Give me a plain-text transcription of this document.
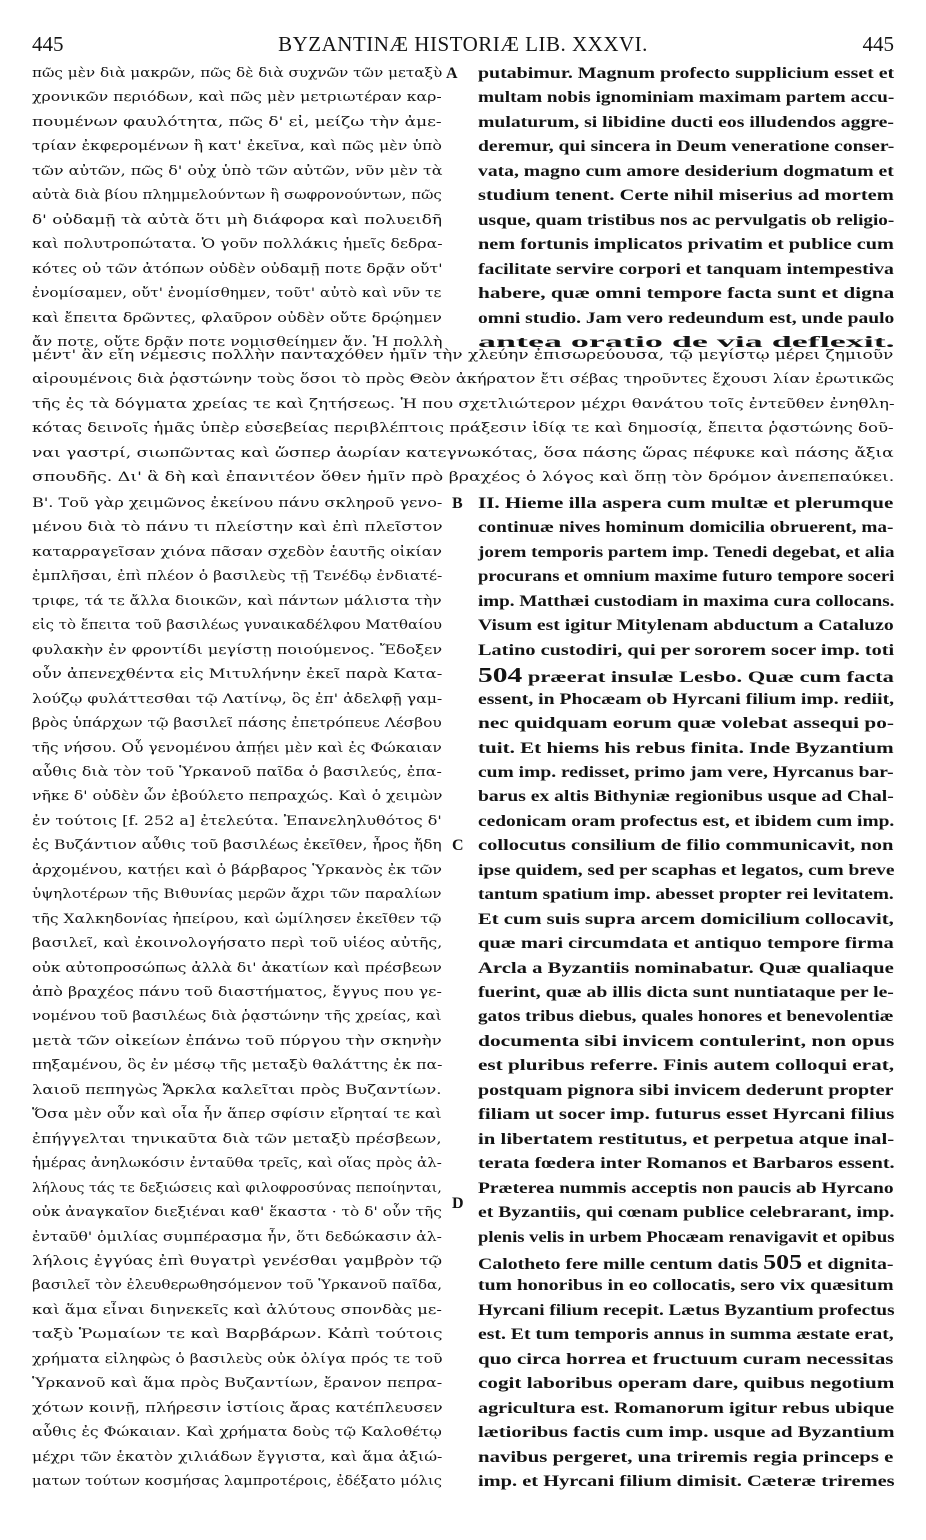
445	BYZANTINÆ HISTORIÆ LIB. XXXVI.	445
πῶς μὲν διὰ μακρῶν, πῶς δὲ διὰ συχνῶν τῶν μεταξὺ
χρονικῶν περιόδων, καὶ πῶς μὲν μετριωτέραν καρ-
πουμένων φαυλότητα, πῶς δ' εἰ, μείζω τὴν ἀμε-
τρίαν ἐκφερομένων ἢ κατ' ἐκεῖνα, καὶ πῶς μὲν ὑπὸ
τῶν αὐτῶν, πῶς δ' οὐχ ὑπὸ τῶν αὐτῶν, νῦν μὲν τὰ
αὐτὰ διὰ βίου πλημμελούντων ἢ σωφρονούντων, πῶς
δ' οὐδαμῇ τὰ αὐτὰ ὅτι μὴ διάφορα καὶ πολυειδῆ
καὶ πολυτροπώτατα. Ὁ γοῦν πολλάκις ἡμεῖς δεδρα-
κότες οὐ τῶν ἀτόπων οὐδὲν οὐδαμῇ ποτε δρᾷν οὔτ'
ἐνομίσαμεν, οὔτ' ἐνομίσθημεν, τοῦτ' αὐτὸ καὶ νῦν τε
καὶ ἔπειτα δρῶντες, φλαῦρον οὐδὲν οὔτε δρῴημεν
ἄν ποτε, οὔτε δρᾷν ποτε νομισθείημεν ἄν. Ἡ πολλὴ
putabimur. Magnum profecto supplicium esset et
multam nobis ignominiam maximam partem accu-
mulaturum, si libidine ducti eos illudendos aggre-
deremur, qui sincera in Deum veneratione conser-
vata, magno cum amore desiderium dogmatum et
studium tenent. Certe nihil miserius ad mortem
usque, quam tristibus nos ac pervulgatis ob religio-
nem fortunis implicatos privatim et publice cum
facilitate servire corpori et tanquam intempestiva
habere, quæ omni tempore facta sunt et digna
omni studio. Jam vero redeundum est, unde paulo
antea oratio de via deflexit.
μέντ' ἂν εἴη νέμεσις πολλὴν πανταχόθεν ἡμῖν τὴν χλεύην ἐπισωρεύουσα, τῷ μεγίστῳ μέρει ζημιοῦν
αἱρουμένοις διὰ ῥᾳστώνην τοὺς ὅσοι τὸ πρὸς Θεὸν ἀκήρατον ἔτι σέβας τηροῦντες ἔχουσι λίαν ἐρωτικῶς
τῆς ἐς τὰ δόγματα χρείας τε καὶ ζητήσεως. Ἡ που σχετλιώτερον μέχρι θανάτου τοῖς ἐντεῦθεν ἐνηθλη-
κότας δεινοῖς ἡμᾶς ὑπὲρ εὐσεβείας περιβλέπτοις πράξεσιν ἰδίᾳ τε καὶ δημοσίᾳ, ἔπειτα ῥᾳστώνης δοῦ-
ναι γαστρί, σιωπῶντας καὶ ὥσπερ ἀωρίαν κατεγνωκότας, ὅσα πάσης ὥρας πέφυκε καὶ πάσης ἄξια
σπουδῆς. Δι' ἃ δὴ καὶ ἐπανιτέον ὅθεν ἡμῖν πρὸ βραχέος ὁ λόγος καὶ ὅπῃ τὸν δρόμον ἀνεπεπαύκει.
Β'. Τοῦ γὰρ χειμῶνος ἐκείνου πάνυ σκληροῦ γενο-
μένου διὰ τὸ πάνυ τι πλείστην καὶ ἐπὶ πλεῖστον
καταρραγεῖσαν χιόνα πᾶσαν σχεδὸν ἑαυτῆς οἰκίαν
ἐμπλῆσαι, ἐπὶ πλέον ὁ βασιλεὺς τῇ Τενέδῳ ἐνδιατέ-
τριφε, τά τε ἄλλα διοικῶν, καὶ πάντων μάλιστα τὴν
εἰς τὸ ἔπειτα τοῦ βασιλέως γυναικαδέλφου Ματθαίου
φυλακὴν ἐν φροντίδι μεγίστῃ ποιούμενος. Ἔδοξεν
οὖν ἀπενεχθέντα εἰς Μιτυλήνην ἐκεῖ παρὰ Κατα-
λούζῳ φυλάττεσθαι τῷ Λατίνῳ, ὃς ἐπ' ἀδελφῇ γαμ-
βρὸς ὑπάρχων τῷ βασιλεῖ πάσης ἐπετρόπευε Λέσβου
τῆς νήσου. Οὗ γενομένου ἀπῄει μὲν καὶ ἐς Φώκαιαν
αὖθις διὰ τὸν τοῦ Ὑρκανοῦ παῖδα ὁ βασιλεύς, ἐπα-
νῆκε δ' οὐδὲν ὧν ἐβούλετο πεπραχώς. Καὶ ὁ χειμὼν
ἐν τούτοις [f. 252 a] ἐτελεύτα. Ἐπανεληλυθότος δ'
ἐς Βυζάντιον αὖθις τοῦ βασιλέως ἐκεῖθεν, ἦρος ἤδη
ἀρχομένου, κατῄει καὶ ὁ βάρβαρος Ὑρκανὸς ἐκ τῶν
ὑψηλοτέρων τῆς Βιθυνίας μερῶν ἄχρι τῶν παραλίων
τῆς Χαλκηδονίας ἠπείρου, καὶ ὡμίλησεν ἐκεῖθεν τῷ
βασιλεῖ, καὶ ἐκοινολογήσατο περὶ τοῦ υἱέος αὐτῆς,
οὐκ αὐτοπροσώπως ἀλλὰ δι' ἀκατίων καὶ πρέσβεων
ἀπὸ βραχέος πάνυ τοῦ διαστήματος, ἔγγυς που γε-
νομένου τοῦ βασιλέως διὰ ῥᾳστώνην τῆς χρείας, καὶ
μετὰ τῶν οἰκείων ἐπάνω τοῦ πύργου τὴν σκηνὴν
πηξαμένου, ὃς ἐν μέσῳ τῆς μεταξὺ θαλάττης ἐκ πα-
λαιοῦ πεπηγὼς Ἄρκλα καλεῖται πρὸς Βυζαντίων.
Ὅσα μὲν οὖν καὶ οἷα ἦν ἅπερ σφίσιν εἴρηταί τε καὶ
ἐπήγγελται τηνικαῦτα διὰ τῶν μεταξὺ πρέσβεων,
ἡμέρας ἀνηλωκόσιν ἐνταῦθα τρεῖς, καὶ οἵας πρὸς ἀλ-
λήλους τάς τε δεξιώσεις καὶ φιλοφροσύνας πεποίηνται,
οὐκ ἀναγκαῖον διεξιέναι καθ' ἕκαστα · τὸ δ' οὖν τῆς
ἐνταῦθ' ὁμιλίας συμπέρασμα ἦν, ὅτι δεδώκασιν ἀλ-
λήλοις ἐγγύας ἐπὶ θυγατρὶ γενέσθαι γαμβρὸν τῷ
βασιλεῖ τὸν ἐλευθερωθησόμενον τοῦ Ὑρκανοῦ παῖδα,
καὶ ἅμα εἶναι διηνεκεῖς καὶ ἀλύτους σπονδὰς με-
ταξὺ Ῥωμαίων τε καὶ Βαρβάρων. Κἀπὶ τούτοις
χρήματα εἰληφὼς ὁ βασιλεὺς οὐκ ὀλίγα πρός τε τοῦ
Ὑρκανοῦ καὶ ἅμα πρὸς Βυζαντίων, ἔρανον πεπρα-
χότων κοινῇ, πλήρεσιν ἱστίοις ἄρας κατέπλευσεν
αὖθις ἐς Φώκαιαν. Καὶ χρήματα δοὺς τῷ Καλοθέτῳ
μέχρι τῶν ἑκατὸν χιλιάδων ἔγγιστα, καὶ ἅμα ἀξιώ-
ματων τούτων κοσμήσας λαμπροτέροις, ἐδέξατο μόλις
II. Hieme illa aspera cum multæ et plerumque
continuæ nives hominum domicilia obruerent, ma-
jorem temporis partem imp. Tenedi degebat, et alia
procurans et omnium maxime futuro tempore soceri
imp. Matthæi custodiam in maxima cura collocans.
Visum est igitur Mitylenam abductum a Cataluzo
Latino custodiri, qui per sororem socer imp. toti
504 præerat insulæ Lesbo. Quæ cum facta
essent, in Phocæam ob Hyrcani filium imp. rediit,
nec quidquam eorum quæ volebat assequi po-
tuit. Et hiems his rebus finita. Inde Byzantium
cum imp. redisset, primo jam vere, Hyrcanus bar-
barus ex altis Bithyniæ regionibus usque ad Chal-
cedonicam oram profectus est, et ibidem cum imp.
collocutus consilium de filio communicavit, non
ipse quidem, sed per scaphas et legatos, cum breve
tantum spatium imp. abesset propter rei levitatem.
Et cum suis supra arcem domicilium collocavit,
quæ mari circumdata et antiquo tempore firma
Arcla a Byzantiis nominabatur. Quæ qualiaque
fuerint, quæ ab illis dicta sunt nuntiataque per le-
gatos tribus diebus, quales honores et benevolentiæ
documenta sibi invicem contulerint, non opus
est pluribus referre. Finis autem colloqui erat,
postquam pignora sibi invicem dederunt propter
filiam ut socer imp. futurus esset Hyrcani filius
in libertatem restitutus, et perpetua atque inal-
terata fœdera inter Romanos et Barbaros essent.
Præterea nummis acceptis non paucis ab Hyrcano
et Byzantiis, qui cœnam publice celebrarant, imp.
plenis velis in urbem Phocæam renavigavit et opibus
Calotheto fere mille centum datis 505 et dignita-
tum honoribus in eo collocatis, sero vix quæsitum
Hyrcani filium recepit. Lætus Byzantium profectus
est. Et tum temporis annus in summa æstate erat,
quo circa horrea et fructuum curam necessitas
cogit laboribus operam dare, quibus negotium
agricultura est. Romanorum igitur rebus ubique
lætioribus factis cum imp. usque ad Byzantium
navibus pergeret, una triremis regia princeps e
imp. et Hyrcani filium dimisit. Cæteræ triremes
A
B
C
D
